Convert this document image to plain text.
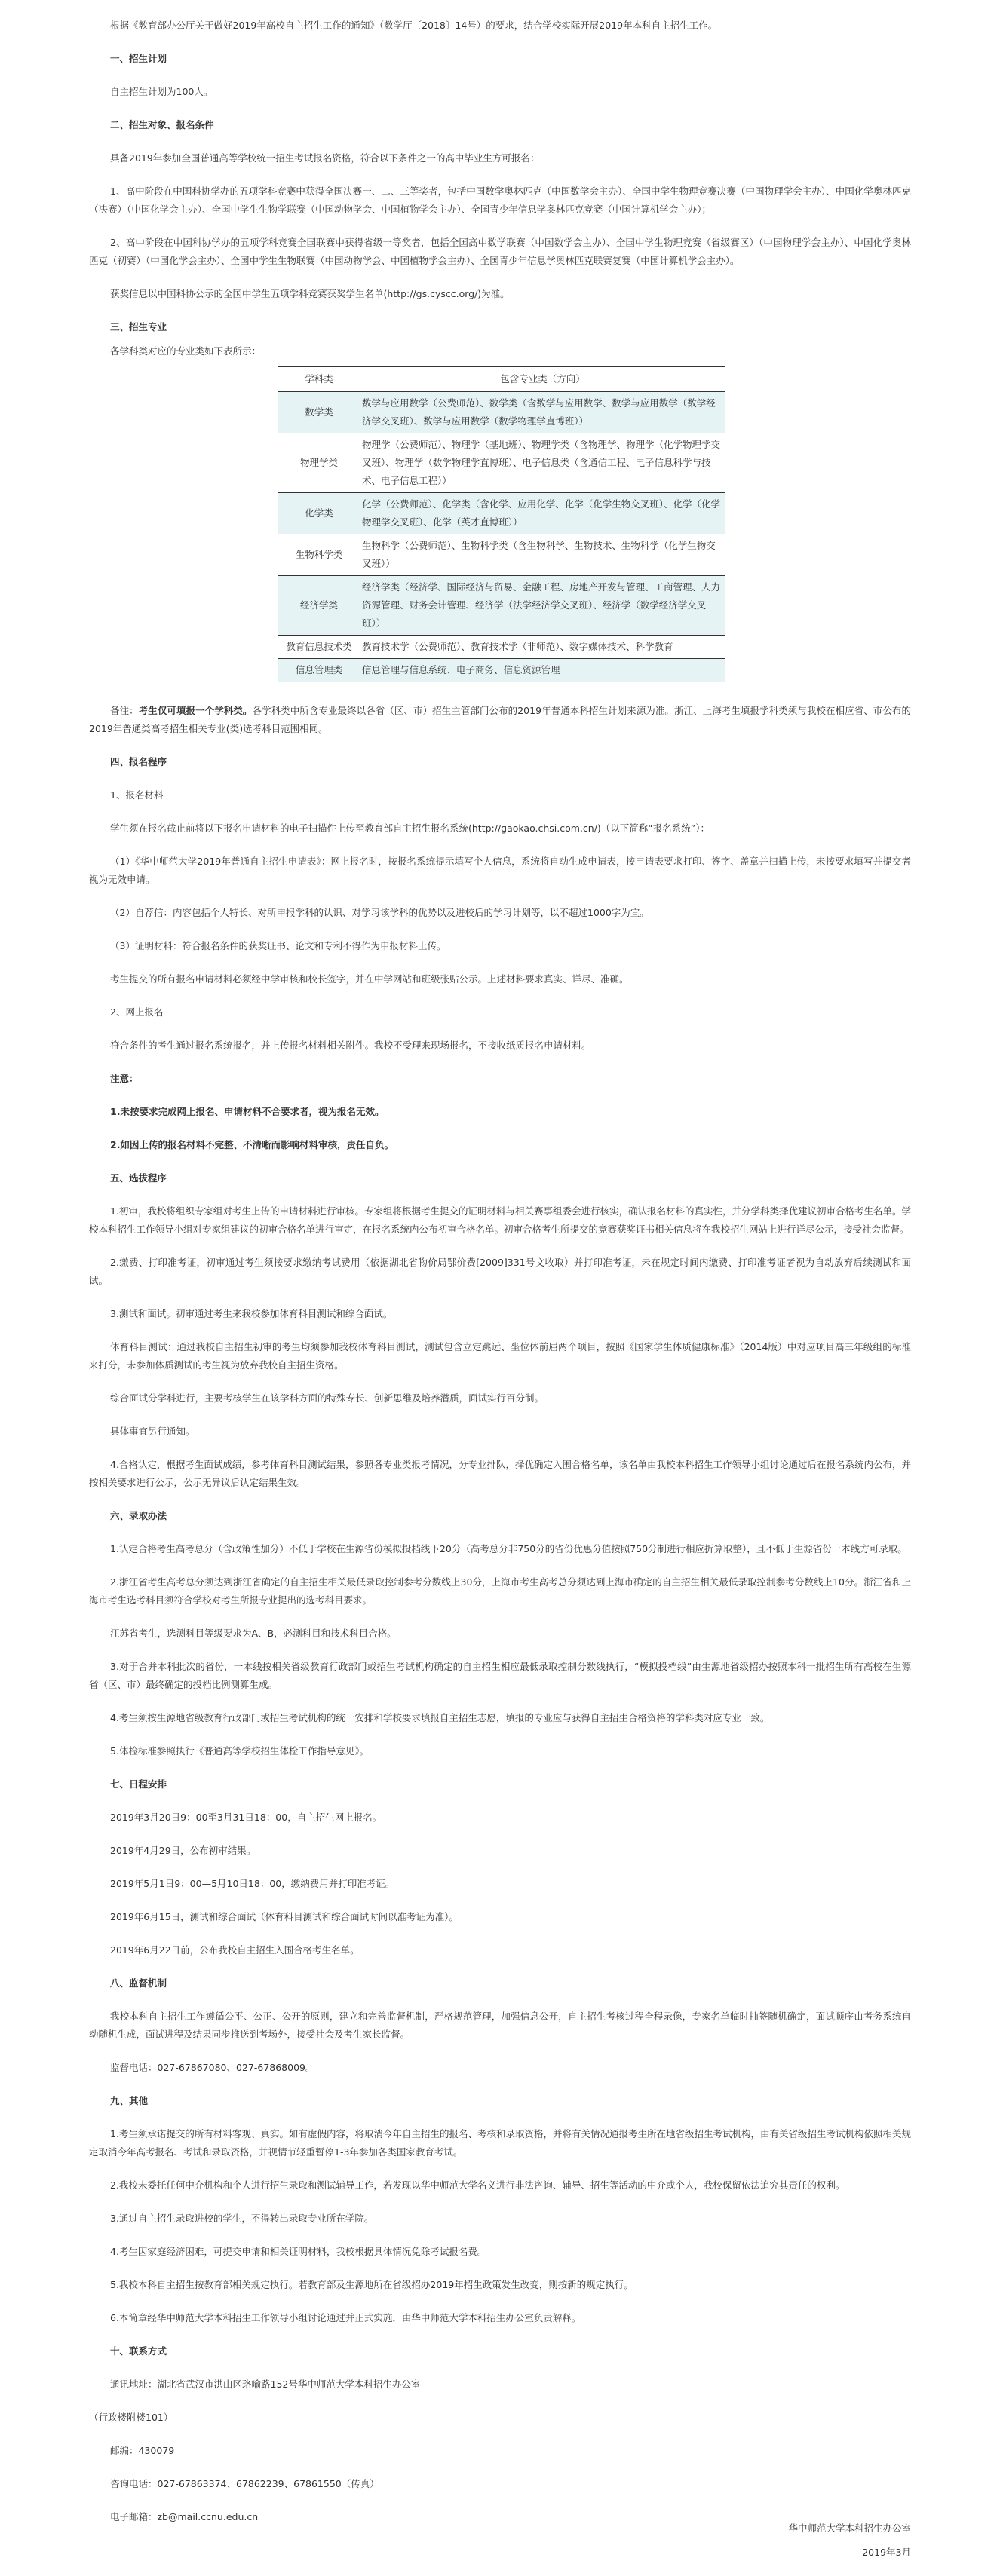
根据《教育部办公厅关于做好2019年高校自主招生工作的通知》（教学厅〔2018〕14号）的要求，结合学校实际开展2019年本科自主招生工作。

一、招生计划

自主招生计划为100人。

二、招生对象、报名条件

具备2019年参加全国普通高等学校统一招生考试报名资格，符合以下条件之一的高中毕业生方可报名：

1、高中阶段在中国科协学办的五项学科竞赛中获得全国决赛一、二、三等奖者，包括中国数学奥林匹克（中国数学会主办）、全国中学生物理竞赛决赛（中国物理学会主办）、中国化学奥林匹克（决赛）（中国化学会主办）、全国中学生生物学联赛（中国动物学会、中国植物学会主办）、全国青少年信息学奥林匹克竞赛（中国计算机学会主办）；

2、高中阶段在中国科协学办的五项学科竞赛全国联赛中获得省级一等奖者，包括全国高中数学联赛（中国数学会主办）、全国中学生物理竞赛（省级赛区）（中国物理学会主办）、中国化学奥林匹克（初赛）（中国化学会主办）、全国中学生生物联赛（中国动物学会、中国植物学会主办）、全国青少年信息学奥林匹克联赛复赛（中国计算机学会主办）。

获奖信息以中国科协公示的全国中学生五项学科竞赛获奖学生名单(http://gs.cyscc.org/)为准。

三、招生专业

各学科类对应的专业类如下表所示：

学科类	包含专业类（方向）
数学类	数学与应用数学（公费师范）、数学类（含数学与应用数学、数学与应用数学（数学经济学交叉班）、数学与应用数学（数学物理学直博班））
物理学类	物理学（公费师范）、物理学（基地班）、物理学类（含物理学、物理学（化学物理学交叉班）、物理学（数学物理学直博班）、电子信息类（含通信工程、电子信息科学与技术、电子信息工程））
化学类	化学（公费师范）、化学类（含化学、应用化学、化学（化学生物交叉班）、化学（化学物理学交叉班）、化学（英才直博班））
生物科学类	生物科学（公费师范）、生物科学类（含生物科学、生物技术、生物科学（化学生物交叉班））
经济学类	经济学类（经济学、国际经济与贸易、金融工程、房地产开发与管理、工商管理、人力资源管理、财务会计管理、经济学（法学经济学交叉班）、经济学（数学经济学交叉班））
教育信息技术类	教育技术学（公费师范）、教育技术学（非师范）、数字媒体技术、科学教育
信息管理类	信息管理与信息系统、电子商务、信息资源管理

备注：考生仅可填报一个学科类。各学科类中所含专业最终以各省（区、市）招生主管部门公布的2019年普通本科招生计划来源为准。浙江、上海考生填报学科类须与我校在相应省、市公布的2019年普通类高考招生相关专业(类)选考科目范围相同。

四、报名程序

1、报名材料

学生须在报名截止前将以下报名申请材料的电子扫描件上传至教育部自主招生报名系统(http://gaokao.chsi.com.cn/)（以下简称“报名系统”）：

（1）《华中师范大学2019年普通自主招生申请表》：网上报名时，按报名系统提示填写个人信息，系统将自动生成申请表，按申请表要求打印、签字、盖章并扫描上传，未按要求填写并提交者视为无效申请。

（2）自荐信：内容包括个人特长、对所申报学科的认识、对学习该学科的优势以及进校后的学习计划等，以不超过1000字为宜。

（3）证明材料：符合报名条件的获奖证书、论文和专利不得作为申报材料上传。

考生提交的所有报名申请材料必须经中学审核和校长签字，并在中学网站和班级张贴公示。上述材料要求真实、详尽、准确。

2、网上报名

符合条件的考生通过报名系统报名，并上传报名材料相关附件。我校不受理来现场报名，不接收纸质报名申请材料。

注意：

1.未按要求完成网上报名、申请材料不合要求者，视为报名无效。

2.如因上传的报名材料不完整、不清晰而影响材料审核，责任自负。

五、选拔程序

1.初审，我校将组织专家组对考生上传的申请材料进行审核。专家组将根据考生提交的证明材料与相关赛事组委会进行核实，确认报名材料的真实性，并分学科类择优建议初审合格考生名单。学校本科招生工作领导小组对专家组建议的初审合格名单进行审定，在报名系统内公布初审合格名单。初审合格考生所提交的竞赛获奖证书相关信息将在我校招生网站上进行详尽公示，接受社会监督。

2.缴费、打印准考证，初审通过考生须按要求缴纳考试费用（依据湖北省物价局鄂价费[2009]331号文收取）并打印准考证，未在规定时间内缴费、打印准考证者视为自动放弃后续测试和面试。

3.测试和面试。初审通过考生来我校参加体育科目测试和综合面试。

体育科目测试：通过我校自主招生初审的考生均须参加我校体育科目测试，测试包含立定跳远、坐位体前屈两个项目，按照《国家学生体质健康标准》（2014版）中对应项目高三年级组的标准来打分，未参加体质测试的考生视为放弃我校自主招生资格。

综合面试分学科进行，主要考核学生在该学科方面的特殊专长、创新思维及培养潜质，面试实行百分制。

具体事宜另行通知。

4.合格认定，根据考生面试成绩，参考体育科目测试结果，参照各专业类报考情况，分专业排队，择优确定入围合格名单，该名单由我校本科招生工作领导小组讨论通过后在报名系统内公布，并按相关要求进行公示，公示无异议后认定结果生效。

六、录取办法

1.认定合格考生高考总分（含政策性加分）不低于学校在生源省份模拟投档线下20分（高考总分非750分的省份优惠分值按照750分制进行相应折算取整），且不低于生源省份一本线方可录取。

2.浙江省考生高考总分须达到浙江省确定的自主招生相关最低录取控制参考分数线上30分，上海市考生高考总分须达到上海市确定的自主招生相关最低录取控制参考分数线上10分。浙江省和上海市考生选考科目须符合学校对考生所报专业提出的选考科目要求。

江苏省考生，选测科目等级要求为A、B，必测科目和技术科目合格。

3.对于合并本科批次的省份，一本线按相关省级教育行政部门或招生考试机构确定的自主招生相应最低录取控制分数线执行，“模拟投档线”由生源地省级招办按照本科一批招生所有高校在生源省（区、市）最终确定的投档比例测算生成。

4.考生须按生源地省级教育行政部门或招生考试机构的统一安排和学校要求填报自主招生志愿，填报的专业应与获得自主招生合格资格的学科类对应专业一致。

5.体检标准参照执行《普通高等学校招生体检工作指导意见》。

七、日程安排

2019年3月20日9：00至3月31日18：00，自主招生网上报名。

2019年4月29日，公布初审结果。

2019年5月1日9：00—5月10日18：00，缴纳费用并打印准考证。

2019年6月15日，测试和综合面试（体育科目测试和综合面试时间以准考证为准）。

2019年6月22日前，公布我校自主招生入围合格考生名单。

八、监督机制

我校本科自主招生工作遵循公平、公正、公开的原则，建立和完善监督机制，严格规范管理，加强信息公开，自主招生考核过程全程录像，专家名单临时抽签随机确定，面试顺序由考务系统自动随机生成，面试进程及结果同步推送到考场外，接受社会及考生家长监督。

监督电话：027-67867080、027-67868009。

九、其他

1.考生须承诺提交的所有材料客观、真实。如有虚假内容，将取消今年自主招生的报名、考核和录取资格，并将有关情况通报考生所在地省级招生考试机构，由有关省级招生考试机构依照相关规定取消今年高考报名、考试和录取资格，并视情节轻重暂停1-3年参加各类国家教育考试。

2.我校未委托任何中介机构和个人进行招生录取和测试辅导工作，若发现以华中师范大学名义进行非法咨询、辅导、招生等活动的中介或个人，我校保留依法追究其责任的权利。

3.通过自主招生录取进校的学生，不得转出录取专业所在学院。

4.考生因家庭经济困难，可提交申请和相关证明材料，我校根据具体情况免除考试报名费。

5.我校本科自主招生按教育部相关规定执行。若教育部及生源地所在省级招办2019年招生政策发生改变，则按新的规定执行。

6.本简章经华中师范大学本科招生工作领导小组讨论通过并正式实施，由华中师范大学本科招生办公室负责解释。

十、联系方式

通讯地址：湖北省武汉市洪山区珞喻路152号华中师范大学本科招生办公室

（行政楼附楼101）

邮编：430079

咨询电话：027-67863374、67862239、67861550（传真）

电子邮箱：zb@mail.ccnu.edu.cn

华中师范大学本科招生办公室
2019年3月
